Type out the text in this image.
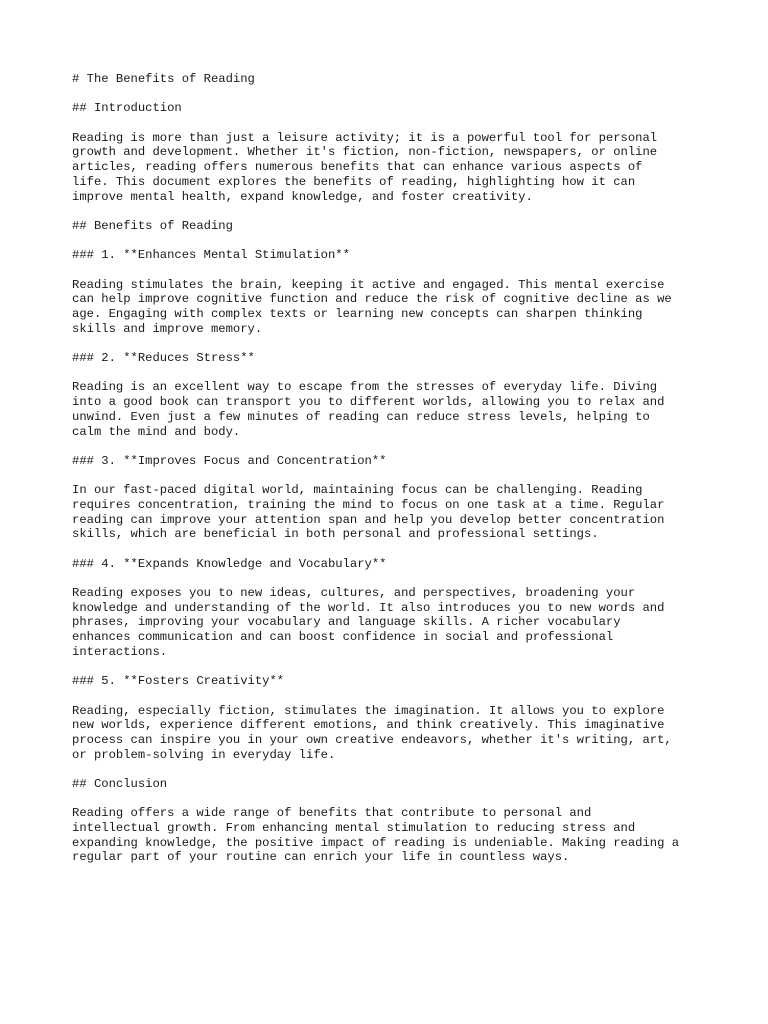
# The Benefits of Reading
## Introduction
Reading is more than just a leisure activity; it is a powerful tool for personal
growth and development. Whether it's fiction, non-fiction, newspapers, or online
articles, reading offers numerous benefits that can enhance various aspects of
life. This document explores the benefits of reading, highlighting how it can
improve mental health, expand knowledge, and foster creativity.
## Benefits of Reading
### 1. **Enhances Mental Stimulation**
Reading stimulates the brain, keeping it active and engaged. This mental exercise
can help improve cognitive function and reduce the risk of cognitive decline as we
age. Engaging with complex texts or learning new concepts can sharpen thinking
skills and improve memory.
### 2. **Reduces Stress**
Reading is an excellent way to escape from the stresses of everyday life. Diving
into a good book can transport you to different worlds, allowing you to relax and
unwind. Even just a few minutes of reading can reduce stress levels, helping to
calm the mind and body.
### 3. **Improves Focus and Concentration**
In our fast-paced digital world, maintaining focus can be challenging. Reading
requires concentration, training the mind to focus on one task at a time. Regular
reading can improve your attention span and help you develop better concentration
skills, which are beneficial in both personal and professional settings.
### 4. **Expands Knowledge and Vocabulary**
Reading exposes you to new ideas, cultures, and perspectives, broadening your
knowledge and understanding of the world. It also introduces you to new words and
phrases, improving your vocabulary and language skills. A richer vocabulary
enhances communication and can boost confidence in social and professional
interactions.
### 5. **Fosters Creativity**
Reading, especially fiction, stimulates the imagination. It allows you to explore
new worlds, experience different emotions, and think creatively. This imaginative
process can inspire you in your own creative endeavors, whether it's writing, art,
or problem-solving in everyday life.
## Conclusion
Reading offers a wide range of benefits that contribute to personal and
intellectual growth. From enhancing mental stimulation to reducing stress and
expanding knowledge, the positive impact of reading is undeniable. Making reading a
regular part of your routine can enrich your life in countless ways.
